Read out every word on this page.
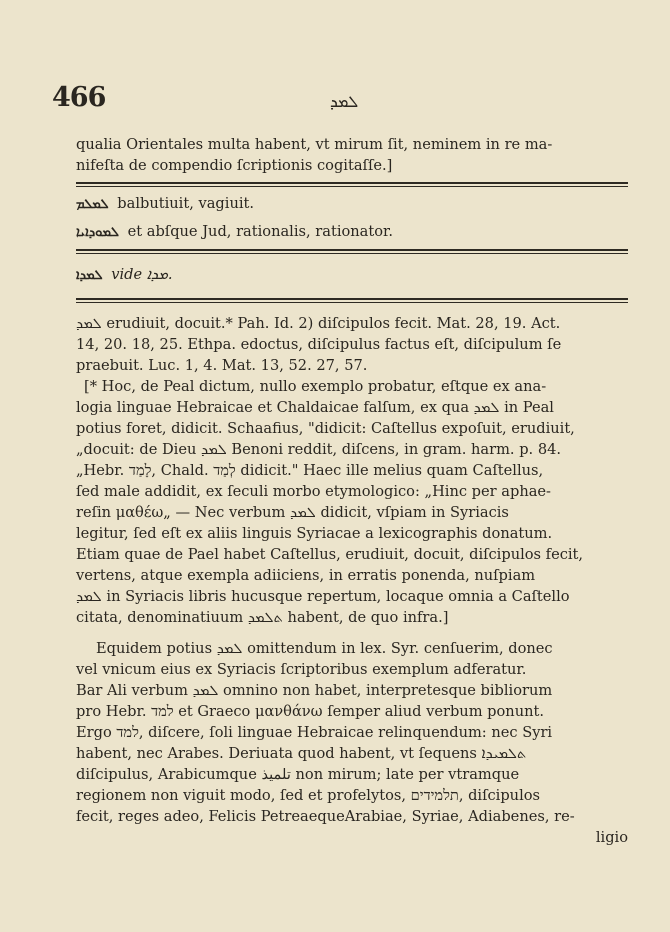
466	ܠܡܕ

qualia Orientales multa habent, vt mirum ſit, neminem in re ma-

nifeſta de compendio ſcriptionis cogitaſſe.]

ܠܡܠܡ balbutiuit, vagiuit.
ܠܡܘܕܐܝܐ et abſque Jud, rationalis, rationator.
ܠܡܕܐ vide ܡܕܐ.

ܠܡܕ erudiuit, docuit.* Pah. Id. 2) diſcipulos fecit. Mat. 28, 19. Act.

14, 20. 18, 25. Ethpa. edoctus, diſcipulus factus eſt, diſcipulum ſe

praebuit. Luc. 1, 4. Mat. 13, 52. 27, 57.

[* Hoc, de Peal dictum, nullo exemplo probatur, eſtque ex ana-

logia linguae Hebraicae et Chaldaicae falſum, ex qua ܠܡܕ in Peal

potius foret, didicit. Schaafius, "didicit: Caſtellus expoſuit, erudiuit,

„docuit: de Dieu ܠܡܕ Benoni reddit, diſcens, in gram. harm. p. 84.

„Hebr. לָמַד, Chald. לְמַד didicit." Haec ille melius quam Caſtellus,

ſed male addidit, ex ſeculi morbo etymologico: „Hinc per aphae-

reſin μαθέω„ — Nec verbum ܠܡܕ didicit, vſpiam in Syriacis

legitur, ſed eſt ex aliis linguis Syriacae a lexicographis donatum.

Etiam quae de Pael habet Caſtellus, erudiuit, docuit, diſcipulos fecit,

vertens, atque exempla adiiciens, in erratis ponenda, nuſpiam

ܠܡܕ in Syriacis libris hucusque repertum, locaque omnia a Caſtello

citata, denominatiuum ܬܠܡܕ habent, de quo infra.]

Equidem potius ܠܡܕ omittendum in lex. Syr. cenſuerim, donec

vel vnicum eius ex Syriacis ſcriptoribus exemplum adferatur.

Bar Ali verbum ܠܡܕ omnino non habet, interpretesque bibliorum

pro Hebr. למד et Graeco μανθάνω ſemper aliud verbum ponunt.

Ergo למד, diſcere, ſoli linguae Hebraicae relinquendum: nec Syri

habent, nec Arabes. Deriuata quod habent, vt ſequens ܬܠܡܝܕܐ

diſcipulus, Arabicumque تلميذ non mirum; late per vtramque

regionem non viguit modo, ſed et profelytos, תלמידים, diſcipulos

fecit, reges adeo, Felicis PetreaequeArabiae, Syriae, Adiabenes, re-

ligio
